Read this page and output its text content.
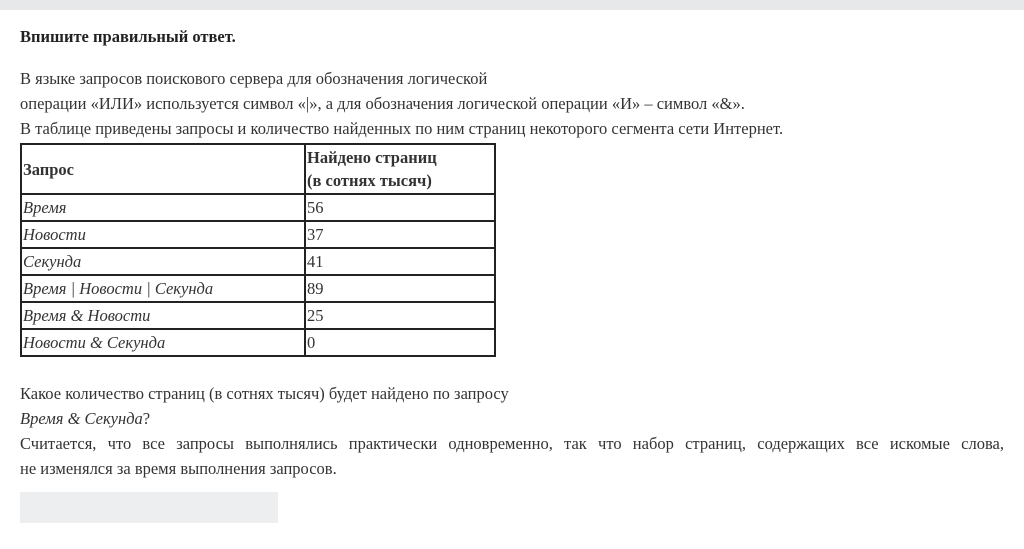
Впишите правильный ответ.

В языке запросов поискового сервера для обозначения логической
операции «ИЛИ» используется символ «|», а для обозначения логической операции «И» – символ «&».
В таблице приведены запросы и количество найденных по ним страниц некоторого сегмента сети Интернет.
Запрос	Найдено страниц
(в сотнях тысяч)
Время	56
Новости	37
Секунда	41
Время | Новости | Секунда	89
Время & Новости	25
Новости & Секунда	0
Какое количество страниц (в сотнях тысяч) будет найдено по запросу
Время & Секунда?
Считается, что все запросы выполнялись практически одновременно, так что набор страниц, содержащих все искомые слова,
не изменялся за время выполнения запросов.
